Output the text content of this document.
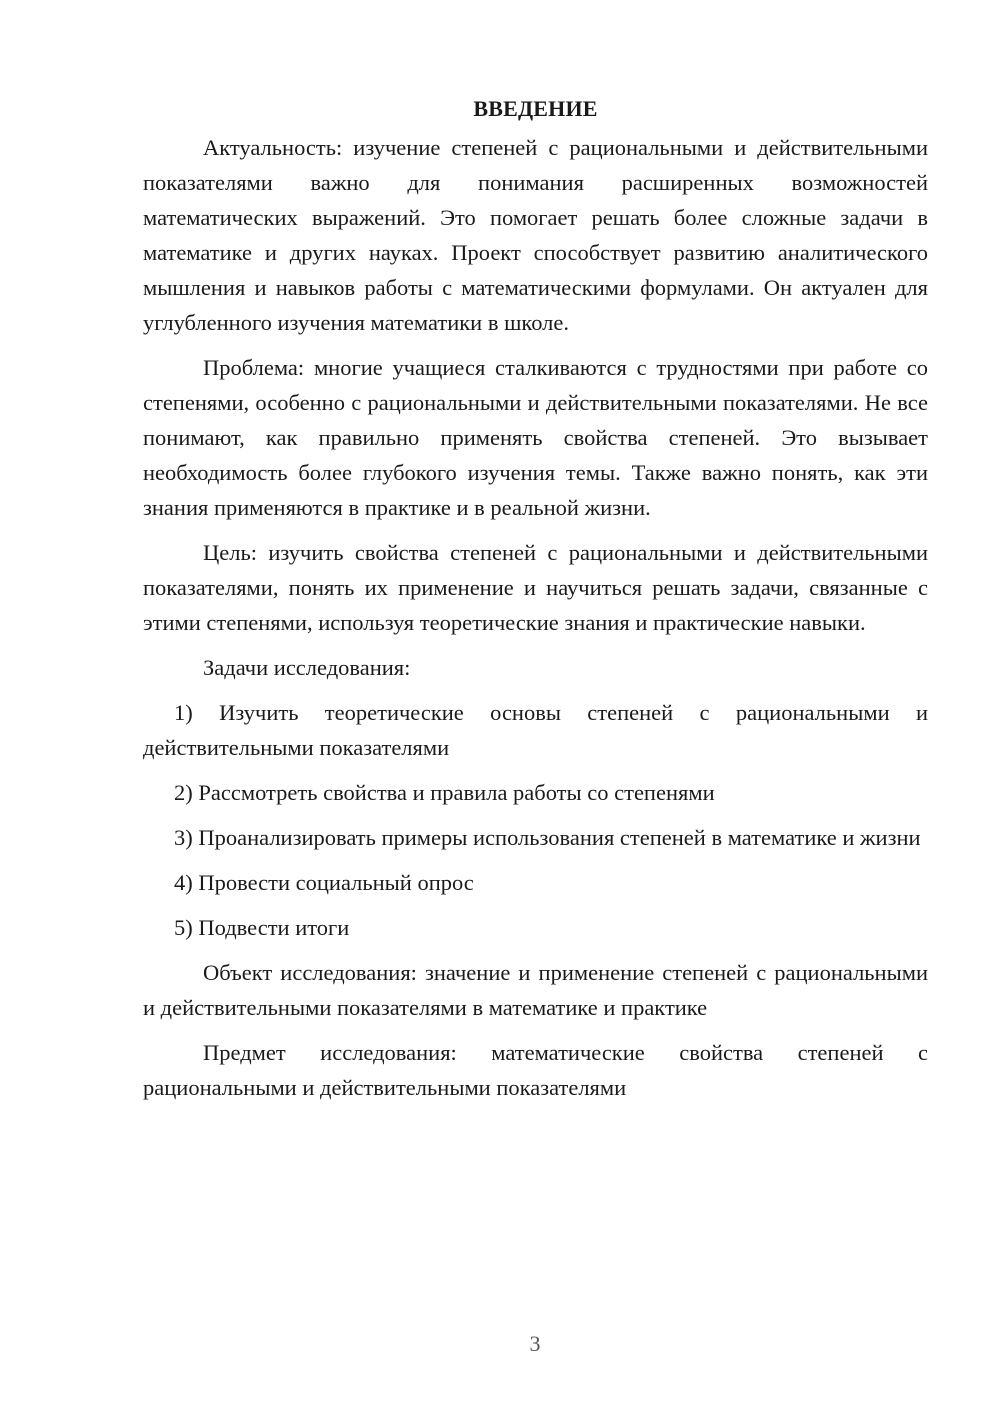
ВВЕДЕНИЕ

Актуальность: изучение степеней с рациональными и действительными показателями важно для понимания расширенных возможностей математических выражений. Это помогает решать более сложные задачи в математике и других науках. Проект способствует развитию аналитического мышления и навыков работы с математическими формулами. Он актуален для углубленного изучения математики в школе.

Проблема: многие учащиеся сталкиваются с трудностями при работе со степенями, особенно с рациональными и действительными показателями. Не все понимают, как правильно применять свойства степеней. Это вызывает необходимость более глубокого изучения темы. Также важно понять, как эти знания применяются в практике и в реальной жизни.

Цель: изучить свойства степеней с рациональными и действительными показателями, понять их применение и научиться решать задачи, связанные с этими степенями, используя теоретические знания и практические навыки.

Задачи исследования:

1) Изучить теоретические основы степеней с рациональными и действительными показателями

2) Рассмотреть свойства и правила работы со степенями

3) Проанализировать примеры использования степеней в математике и жизни

4) Провести социальный опрос

5) Подвести итоги

Объект исследования: значение и применение степеней с рациональными и действительными показателями в математике и практике

Предмет исследования: математические свойства степеней с рациональными и действительными показателями

3
